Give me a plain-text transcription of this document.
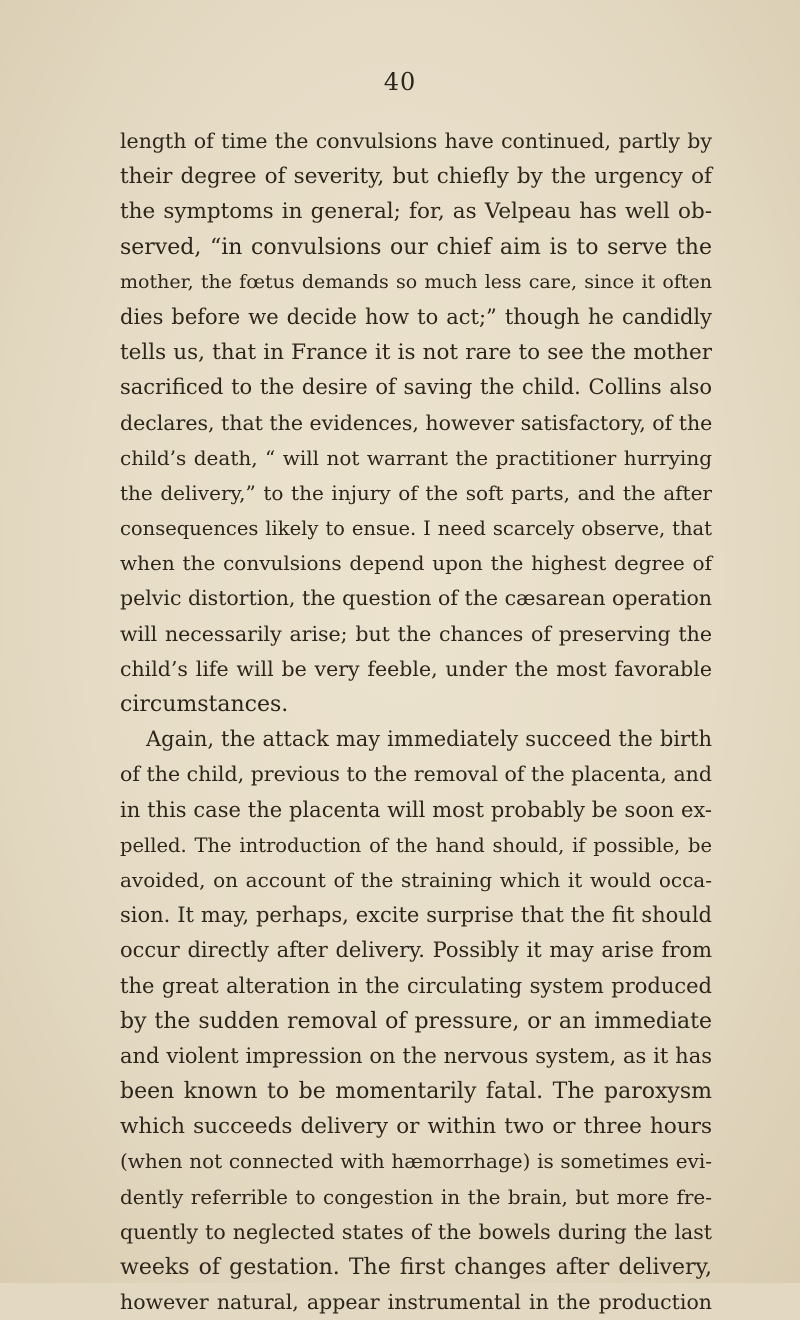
40
length of time the convulsions have continued, partly by
their degree of severity, but chiefly by the urgency of
the symptoms in general; for, as Velpeau has well ob-
served, “in convulsions our chief aim is to serve the
mother, the fœtus demands so much less care, since it often
dies before we decide how to act;” though he candidly
tells us, that in France it is not rare to see the mother
sacrificed to the desire of saving the child. Collins also
declares, that the evidences, however satisfactory, of the
child’s death, “ will not warrant the practitioner hurrying
the delivery,” to the injury of the soft parts, and the after
consequences likely to ensue. I need scarcely observe, that
when the convulsions depend upon the highest degree of
pelvic distortion, the question of the cæsarean operation
will necessarily arise; but the chances of preserving the
child’s life will be very feeble, under the most favorable
circumstances.
Again, the attack may immediately succeed the birth
of the child, previous to the removal of the placenta, and
in this case the placenta will most probably be soon ex-
pelled. The introduction of the hand should, if possible, be
avoided, on account of the straining which it would occa-
sion. It may, perhaps, excite surprise that the fit should
occur directly after delivery. Possibly it may arise from
the great alteration in the circulating system produced
by the sudden removal of pressure, or an immediate
and violent impression on the nervous system, as it has
been known to be momentarily fatal. The paroxysm
which succeeds delivery or within two or three hours
(when not connected with hæmorrhage) is sometimes evi-
dently referrible to congestion in the brain, but more fre-
quently to neglected states of the bowels during the last
weeks of gestation. The first changes after delivery,
however natural, appear instrumental in the production
